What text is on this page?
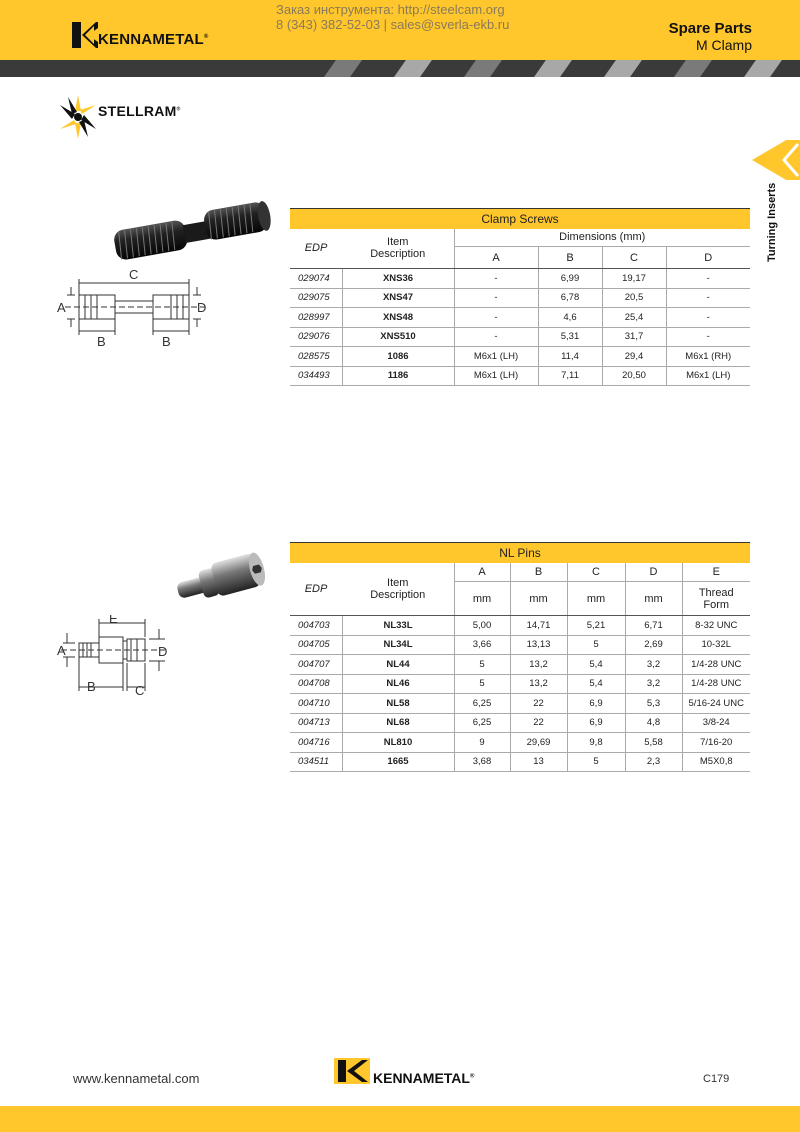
KENNAMETAL®
Заказ инструмента: http://steelcam.org
8 (343) 382-52-03 | sales@sverla-ekb.ru	Spare Parts
M Clamp
STELLRAM®
Turning Inserts
C
A	D
B	B
Clamp Screws					
EDP	Item
Description	Dimensions (mm)			
		A	B	C	D
029074	XNS36	-	6,99	19,17	-
029075	XNS47	-	6,78	20,5	-
028997	XNS48	-	4,6	25,4	-
029076	XNS510	-	5,31	31,7	-
028575	1086	M6x1 (LH)	11,4	29,4	M6x1 (RH)
034493	1186	M6x1 (LH)	7,11	20,50	M6x1 (LH)
E
A	D
B	C
NL Pins						
EDP	Item
Description	A	B	C	D	E
		mm	mm	mm	mm	Thread
Form

004703	NL33L	5,00	14,71	5,21	6,71	8-32 UNC
004705	NL34L	3,66	13,13	5	2,69	10-32L
004707	NL44	5	13,2	5,4	3,2	1/4-28 UNC
004708	NL46	5	13,2	5,4	3,2	1/4-28 UNC
004710	NL58	6,25	22	6,9	5,3	5/16-24 UNC
004713	NL68	6,25	22	6,9	4,8	3/8-24
004716	NL810	9	29,69	9,8	5,58	7/16-20
034511	1665	3,68	13	5	2,3	M5X0,8
www.kennametal.com	KENNAMETAL®	C179
